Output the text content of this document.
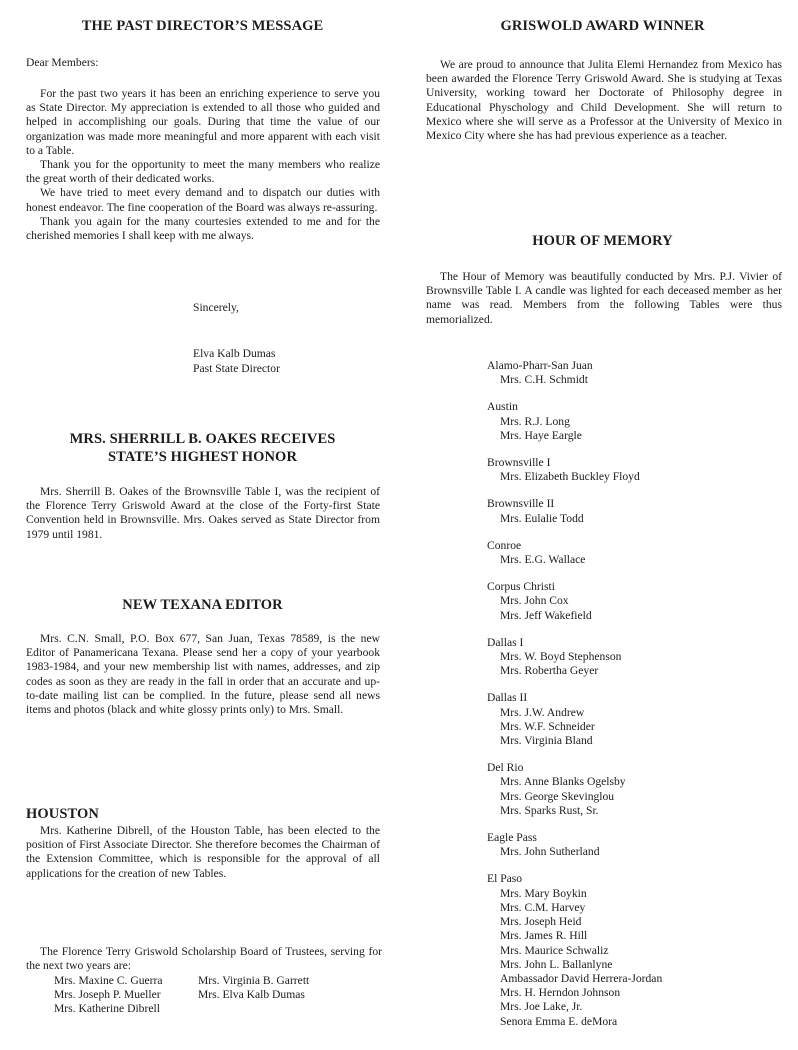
THE PAST DIRECTOR’S MESSAGE

Dear Members:

For the past two years it has been an enriching experience to serve you as State Director. My appreciation is extended to all those who guided and helped in accomplishing our goals. During that time the value of our organization was made more meaningful and more apparent with each visit to a Table.

Thank you for the opportunity to meet the many members who realize the great worth of their dedicated works.

We have tried to meet every demand and to dispatch our duties with honest endeavor. The fine cooperation of the Board was always re-assuring.

Thank you again for the many courtesies extended to me and for the cherished memories I shall keep with me always.

Sincerely,
Elva Kalb Dumas
Past State Director
MRS. SHERRILL B. OAKES RECEIVES
STATE’S HIGHEST HONOR

Mrs. Sherrill B. Oakes of the Brownsville Table I, was the recipient of the Florence Terry Griswold Award at the close of the Forty-first State Convention held in Brownsville. Mrs. Oakes served as State Director from 1979 until 1981.

NEW TEXANA EDITOR

Mrs. C.N. Small, P.O. Box 677, San Juan, Texas 78589, is the new Editor of Panamericana Texana. Please send her a copy of your yearbook 1983-1984, and your new membership list with names, addresses, and zip codes as soon as they are ready in the fall in order that an accurate and up-to-date mailing list can be complied. In the future, please send all news items and photos (black and white glossy prints only) to Mrs. Small.

HOUSTON

Mrs. Katherine Dibrell, of the Houston Table, has been elected to the position of First Associate Director. She therefore becomes the Chairman of the Extension Committee, which is responsible for the approval of all applications for the creation of new Tables.

The Florence Terry Griswold Scholarship Board of Trustees, serving for the next two years are:

Mrs. Maxine C. Guerra	Mrs. Virginia B. Garrett
Mrs. Joseph P. Mueller	Mrs. Elva Kalb Dumas
Mrs. Katherine Dibrell
GRISWOLD AWARD WINNER

We are proud to announce that Julita Elemi Hernandez from Mexico has been awarded the Florence Terry Griswold Award. She is studying at Texas University, working toward her Doctorate of Philosophy degree in Educational Physchology and Child Development. She will return to Mexico where she will serve as a Professor at the University of Mexico in Mexico City where she has had previous experience as a teacher.

HOUR OF MEMORY

The Hour of Memory was beautifully conducted by Mrs. P.J. Vivier of Brownsville Table I. A candle was lighted for each deceased member as her name was read. Members from the following Tables were thus memorialized.

Alamo-Pharr-San Juan
Mrs. C.H. Schmidt
Austin
Mrs. R.J. Long
Mrs. Haye Eargle
Brownsville I
Mrs. Elizabeth Buckley Floyd
Brownsville II
Mrs. Eulalie Todd
Conroe
Mrs. E.G. Wallace
Corpus Christi
Mrs. John Cox
Mrs. Jeff Wakefield
Dallas I
Mrs. W. Boyd Stephenson
Mrs. Robertha Geyer
Dallas II
Mrs. J.W. Andrew
Mrs. W.F. Schneider
Mrs. Virginia Bland
Del Rio
Mrs. Anne Blanks Ogelsby
Mrs. George Skevinglou
Mrs. Sparks Rust, Sr.
Eagle Pass
Mrs. John Sutherland
El Paso
Mrs. Mary Boykin
Mrs. C.M. Harvey
Mrs. Joseph Heid
Mrs. James R. Hill
Mrs. Maurice Schwaliz
Mrs. John L. Ballanlyne
Ambassador David Herrera-Jordan
Mrs. H. Herndon Johnson
Mrs. Joe Lake, Jr.
Senora Emma E. deMora
